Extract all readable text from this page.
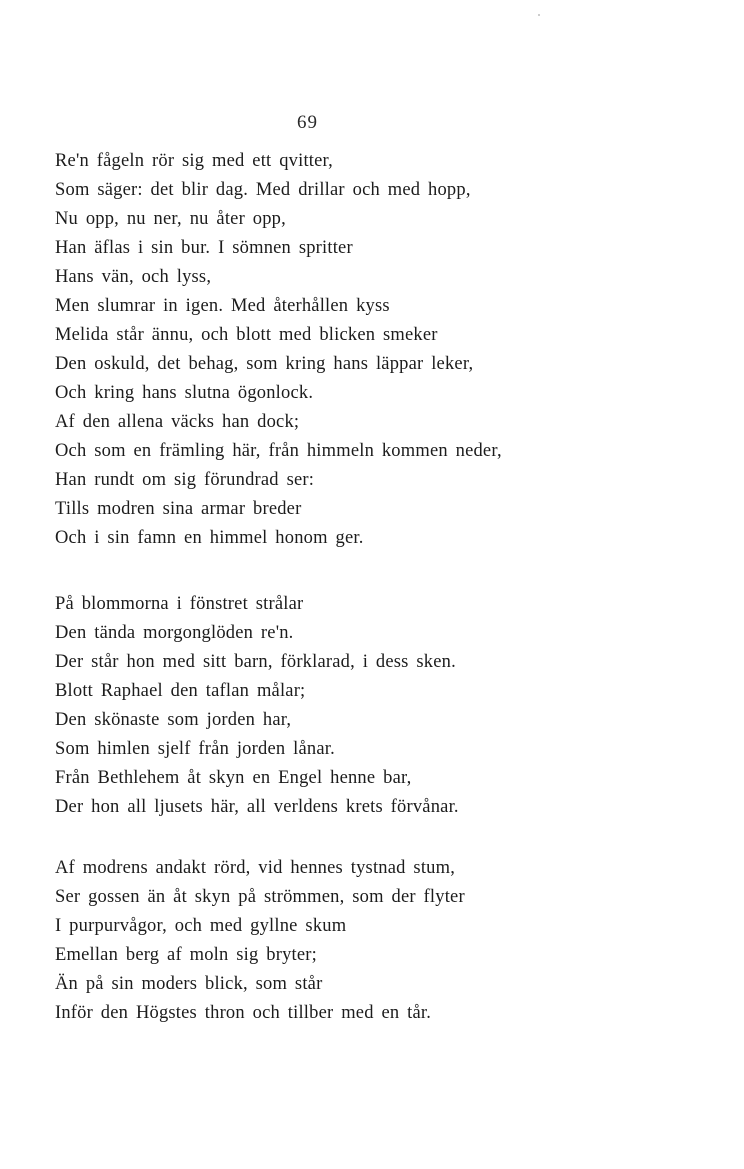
69
Re'n fågeln rör sig med ett qvitter,
Som säger: det blir dag. Med drillar och med hopp,
Nu opp, nu ner, nu åter opp,
Han äflas i sin bur. I sömnen spritter
Hans vän, och lyss,
Men slumrar in igen. Med återhållen kyss
Melida står ännu, och blott med blicken smeker
Den oskuld, det behag, som kring hans läppar leker,
Och kring hans slutna ögonlock.
Af den allena väcks han dock;
Och som en främling här, från himmeln kommen neder,
Han rundt om sig förundrad ser:
Tills modren sina armar breder
Och i sin famn en himmel honom ger.
På blommorna i fönstret strålar
Den tända morgonglöden re'n.
Der står hon med sitt barn, förklarad, i dess sken.
Blott Raphael den taflan målar;
Den skönaste som jorden har,
Som himlen sjelf från jorden lånar.
Från Bethlehem åt skyn en Engel henne bar,
Der hon all ljusets här, all verldens krets förvånar.
Af modrens andakt rörd, vid hennes tystnad stum,
Ser gossen än åt skyn på strömmen, som der flyter
I purpurvågor, och med gyllne skum
Emellan berg af moln sig bryter;
Än på sin moders blick, som står
Inför den Högstes thron och tillber med en tår.
